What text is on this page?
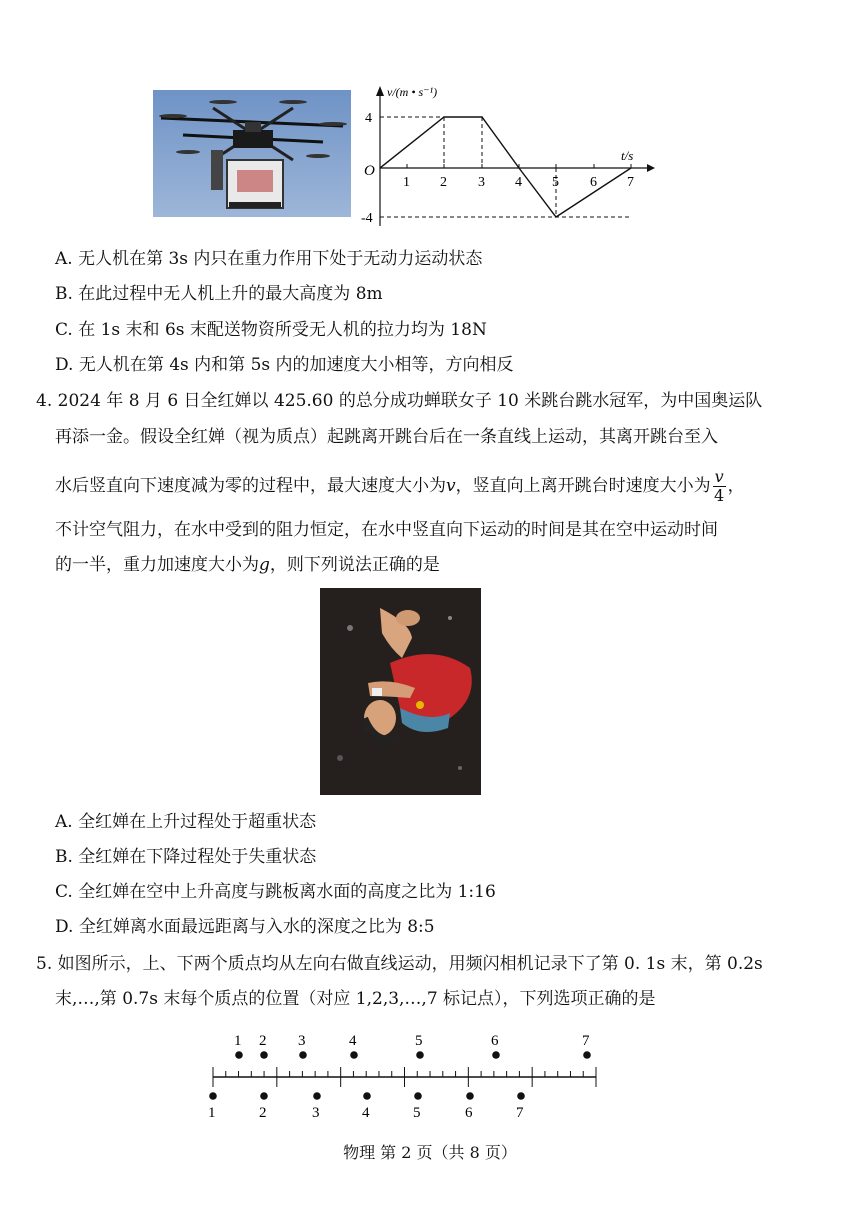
O
4
-4
v/(m • s⁻¹)
t/s
1 2 3 4 5 6 7
A. 无人机在第 3s 内只在重力作用下处于无动力运动状态
B. 在此过程中无人机上升的最大高度为 8m
C. 在 1s 末和 6s 末配送物资所受无人机的拉力均为 18N
D. 无人机在第 4s 内和第 5s 内的加速度大小相等，方向相反
4. 2024 年 8 月 6 日全红婵以 425.60 的总分成功蝉联女子 10 米跳台跳水冠军，为中国奥运队
再添一金。假设全红婵（视为质点）起跳离开跳台后在一条直线上运动，其离开跳台至入
水后竖直向下速度减为零的过程中，最大速度大小为v，竖直向上离开跳台时速度大小为 $\frac{v}{4}$ ，
不计空气阻力，在水中受到的阻力恒定，在水中竖直向下运动的时间是其在空中运动时间
的一半，重力加速度大小为g，则下列说法正确的是
A. 全红婵在上升过程处于超重状态
B. 全红婵在下降过程处于失重状态
C. 全红婵在空中上升高度与跳板离水面的高度之比为 1:16
D. 全红婵离水面最远距离与入水的深度之比为 8:5
5. 如图所示，上、下两个质点均从左向右做直线运动，用频闪相机记录下了第 0. 1s 末，第 0.2s
末,…,第 0.7s 末每个质点的位置（对应 1,2,3,…,7 标记点），下列选项正确的是
1 2 3	4	5	6	7
1	2	3	4	5	6	7
物理 第 2 页（共 8 页）
